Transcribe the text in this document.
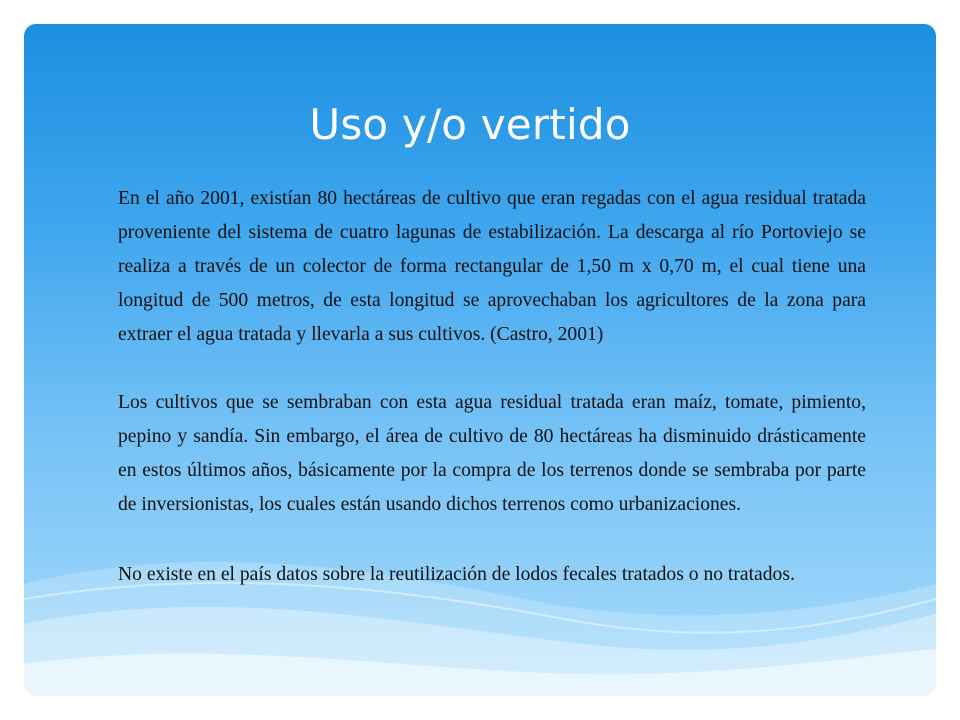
Uso y/o vertido

En el año 2001, existían 80 hectáreas de cultivo que eran regadas con el agua residual tratada proveniente del sistema de cuatro lagunas de estabilización. La descarga al río Portoviejo se realiza a través de un colector de forma rectangular de 1,50 m x 0,70 m, el cual tiene una longitud de 500 metros, de esta longitud se aprovechaban los agricultores de la zona para extraer el agua tratada y llevarla a sus cultivos. (Castro, 2001)

Los cultivos que se sembraban con esta agua residual tratada eran maíz, tomate, pimiento, pepino y sandía. Sin embargo, el área de cultivo de 80 hectáreas ha disminuido drásticamente en estos últimos años, básicamente por la compra de los terrenos donde se sembraba por parte de inversionistas, los cuales están usando dichos terrenos como urbanizaciones.

No existe en el país datos sobre la reutilización de lodos fecales tratados o no tratados.
